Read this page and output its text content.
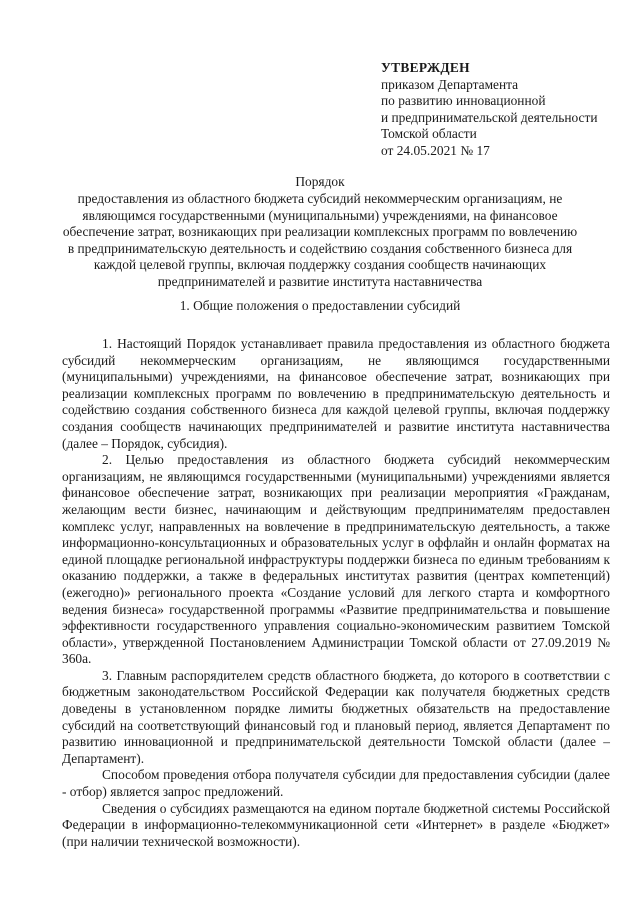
УТВЕРЖДЕН
приказом Департамента
по развитию инновационной
и предпринимательской деятельности
Томской области
от 24.05.2021 № 17
Порядок
предоставления из областного бюджета субсидий некоммерческим организациям, не
являющимся государственными (муниципальными) учреждениями, на финансовое
обеспечение затрат, возникающих при реализации комплексных программ по вовлечению
в предпринимательскую деятельность и содействию создания собственного бизнеса для
каждой целевой группы, включая поддержку создания сообществ начинающих
предпринимателей и развитие института наставничества
1. Общие положения о предоставлении субсидий

1. Настоящий Порядок устанавливает правила предоставления из областного бюджета субсидий некоммерческим организациям, не являющимся государственными (муниципальными) учреждениями, на финансовое обеспечение затрат, возникающих при реализации комплексных программ по вовлечению в предпринимательскую деятельность и содействию создания собственного бизнеса для каждой целевой группы, включая поддержку создания сообществ начинающих предпринимателей и развитие института наставничества (далее – Порядок, субсидия).

2. Целью предоставления из областного бюджета субсидий некоммерческим организациям, не являющимся государственными (муниципальными) учреждениями является финансовое обеспечение затрат, возникающих при реализации мероприятия «Гражданам, желающим вести бизнес, начинающим и действующим предпринимателям предоставлен комплекс услуг, направленных на вовлечение в предпринимательскую деятельность, а также информационно-консультационных и образовательных услуг в оффлайн и онлайн форматах на единой площадке региональной инфраструктуры поддержки бизнеса по единым требованиям к оказанию поддержки, а также в федеральных институтах развития (центрах компетенций) (ежегодно)» регионального проекта «Создание условий для легкого старта и комфортного ведения бизнеса» государственной программы «Развитие предпринимательства и повышение эффективности государственного управления социально-экономическим развитием Томской области», утвержденной Постановлением Администрации Томской области от 27.09.2019 № 360а.

3. Главным распорядителем средств областного бюджета, до которого в соответствии с бюджетным законодательством Российской Федерации как получателя бюджетных средств доведены в установленном порядке лимиты бюджетных обязательств на предоставление субсидий на соответствующий финансовый год и плановый период, является Департамент по развитию инновационной и предпринимательской деятельности Томской области (далее – Департамент).

Способом проведения отбора получателя субсидии для предоставления субсидии (далее - отбор) является запрос предложений.

Сведения о субсидиях размещаются на едином портале бюджетной системы Российской Федерации в информационно-телекоммуникационной сети «Интернет» в разделе «Бюджет» (при наличии технической возможности).
